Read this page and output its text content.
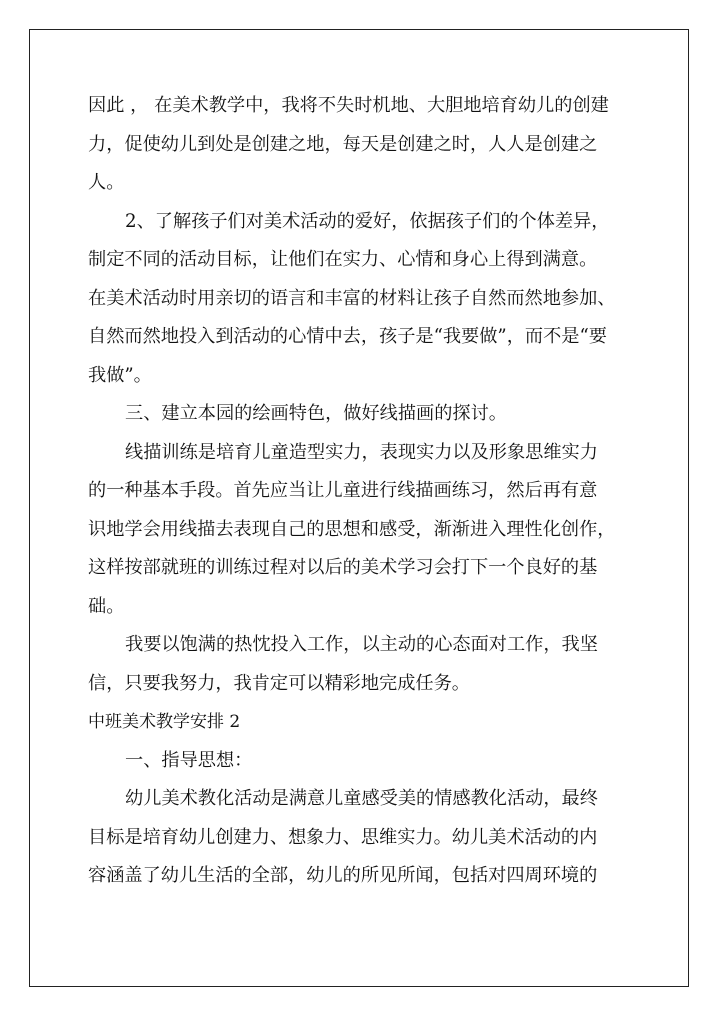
因此 ， 在美术教学中，我将不失时机地、大胆地培育幼儿的创建
力，促使幼儿到处是创建之地，每天是创建之时，人人是创建之
人。
2、了解孩子们对美术活动的爱好，依据孩子们的个体差异，
制定不同的活动目标，让他们在实力、心情和身心上得到满意。
在美术活动时用亲切的语言和丰富的材料让孩子自然而然地参加、
自然而然地投入到活动的心情中去，孩子是“我要做”，而不是“要
我做”。
三、建立本园的绘画特色，做好线描画的探讨。
线描训练是培育儿童造型实力，表现实力以及形象思维实力
的一种基本手段。首先应当让儿童进行线描画练习，然后再有意
识地学会用线描去表现自己的思想和感受，渐渐进入理性化创作，
这样按部就班的训练过程对以后的美术学习会打下一个良好的基
础。
我要以饱满的热忱投入工作，以主动的心态面对工作，我坚
信，只要我努力，我肯定可以精彩地完成任务。
中班美术教学安排 2
一、指导思想：
幼儿美术教化活动是满意儿童感受美的情感教化活动，最终
目标是培育幼儿创建力、想象力、思维实力。幼儿美术活动的内
容涵盖了幼儿生活的全部，幼儿的所见所闻，包括对四周环境的
